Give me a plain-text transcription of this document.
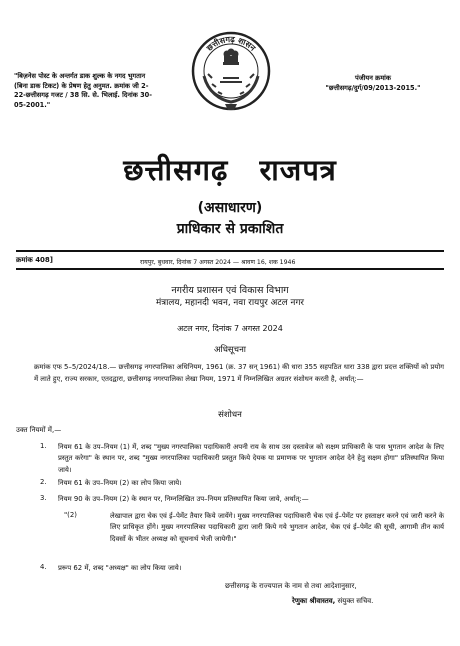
"बिज़नेस पोस्ट के अन्तर्गत डाक शुल्क के नगद भुगतान (बिना डाक टिकट) के प्रेषण हेतु अनुमत. क्रमांक जी 2-22-छत्तीसगढ़ गजट / 38 सि. से. भिलाई. दिनांक 30-05-2001."
छत्तीसगढ़ शासन
पंजीयन क्रमांक
"छत्तीसगढ़/दुर्ग/09/2013-2015."
छत्तीसगढ़ राजपत्र
(असाधारण)
प्राधिकार से प्रकाशित
क्रमांक 408]	रायपुर, बुधवार, दिनांक 7 अगस्त 2024 — श्रावण 16, शक 1946
नगरीय प्रशासन एवं विकास विभाग
मंत्रालय, महानदी भवन, नवा रायपुर अटल नगर
अटल नगर, दिनांक 7 अगस्त 2024
अधिसूचना
क्रमांक एफ 5–5/2024/18.— छत्तीसगढ़ नगरपालिका अधिनियम, 1961 (क्र. 37 सन् 1961) की धारा 355 सहपठित धारा 338 द्वारा प्रदत्त शक्तियों को प्रयोग में लाते हुए, राज्य सरकार, एतदद्वारा, छत्तीसगढ़ नगरपालिका लेखा नियम, 1971 में निम्नलिखित अग्रतर संशोधन करती है, अर्थात्:—
संशोधन
उक्त नियमों में,—
1. नियम 61 के उप–नियम (1) में, शब्द "मुख्य नगरपालिका पदाधिकारी अपनी राय के साथ उस दस्तावेज को सक्षम प्राधिकारी के पास भुगतान आदेश के लिए प्रस्तुत करेगा" के स्थान पर, शब्द "मुख्य नगरपालिका पदाधिकारी प्रस्तुत किये देयक या प्रमाणक पर भुगतान आदेश देने हेतु सक्षम होगा" प्रतिस्थापित किया जाये।
2. नियम 61 के उप–नियम (2) का लोप किया जाये।
3. नियम 90 के उप–नियम (2) के स्थान पर, निम्नलिखित उप–नियम प्रतिस्थापित किया जाये, अर्थात्:—
"(2)	लेखापाल द्वारा चेक एवं ई–पेमेंट तैयार किये जायेंगे। मुख्य नगरपालिका पदाधिकारी चेक एवं ई–पेमेंट पर हस्ताक्षर करने एवं जारी करने के लिए प्राधिकृत होंगे। मुख्य नगरपालिका पदाधिकारी द्वारा जारी किये गये भुगतान आदेश, चेक एवं ई–पेमेंट की सूची, आगामी तीन कार्य दिवसों के भीतर अध्यक्ष को सूचनार्थ भेजी जायेगी।"
4. प्ररूप 62 में, शब्द "अध्यक्ष" का लोप किया जाये।
छत्तीसगढ़ के राज्यपाल के नाम से तथा आदेशानुसार,
रेणुका श्रीवास्तव, संयुक्त सचिव.
